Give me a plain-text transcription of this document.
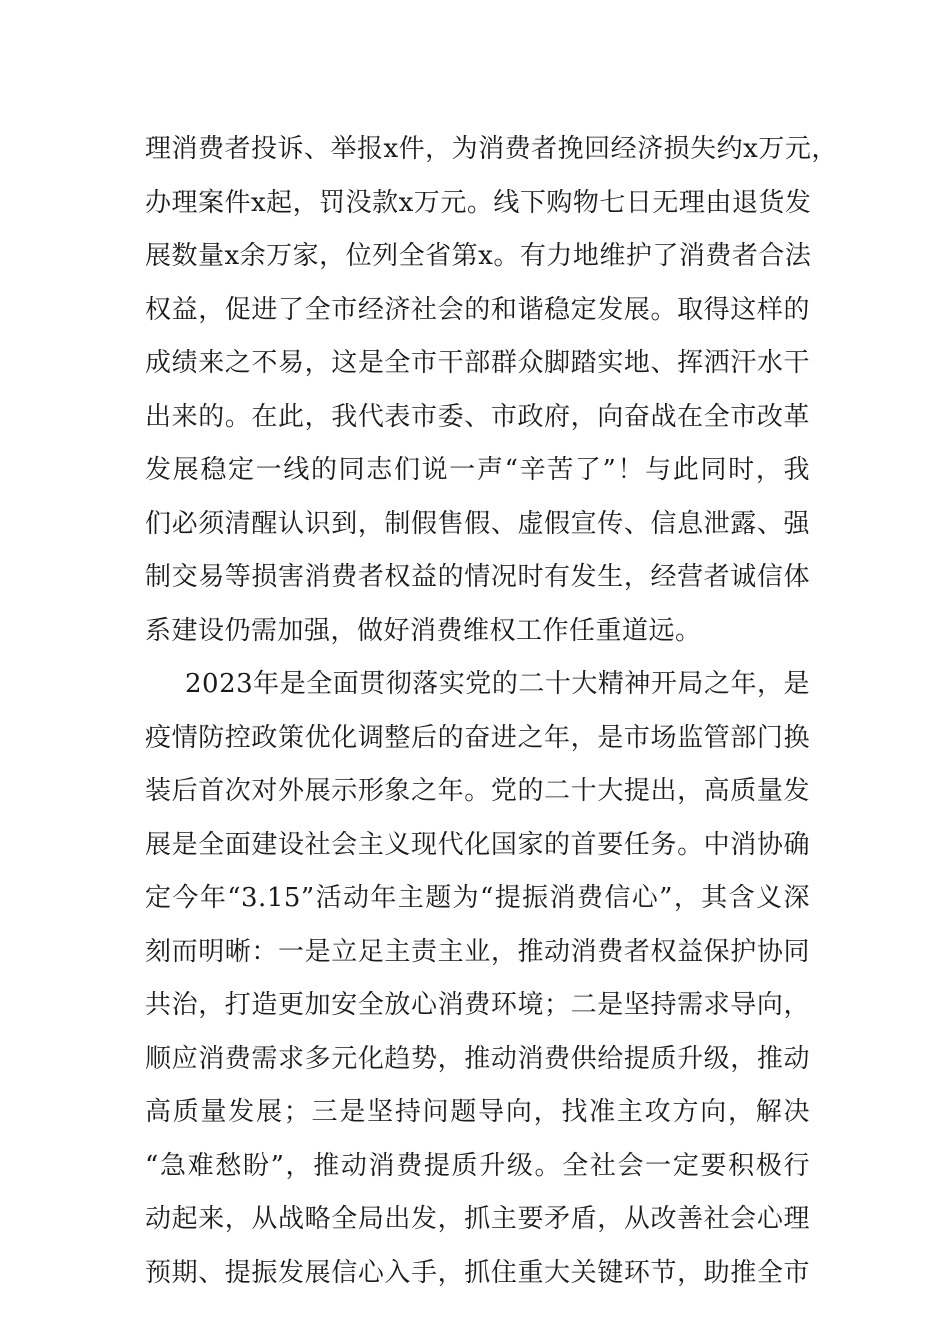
理消费者投诉、举报x件，为消费者挽回经济损失约x万元，
办理案件x起，罚没款x万元。线下购物七日无理由退货发
展数量x余万家，位列全省第x。有力地维护了消费者合法
权益，促进了全市经济社会的和谐稳定发展。取得这样的
成绩来之不易，这是全市干部群众脚踏实地、挥洒汗水干
出来的。在此，我代表市委、市政府，向奋战在全市改革
发展稳定一线的同志们说一声“辛苦了”！与此同时，我
们必须清醒认识到，制假售假、虚假宣传、信息泄露、强
制交易等损害消费者权益的情况时有发生，经营者诚信体
系建设仍需加强，做好消费维权工作任重道远。
2023年是全面贯彻落实党的二十大精神开局之年，是
疫情防控政策优化调整后的奋进之年，是市场监管部门换
装后首次对外展示形象之年。党的二十大提出，高质量发
展是全面建设社会主义现代化国家的首要任务。中消协确
定今年“3.15”活动年主题为“提振消费信心”，其含义深
刻而明晰：一是立足主责主业，推动消费者权益保护协同
共治，打造更加安全放心消费环境；二是坚持需求导向，
顺应消费需求多元化趋势，推动消费供给提质升级，推动
高质量发展；三是坚持问题导向，找准主攻方向，解决
“急难愁盼”，推动消费提质升级。全社会一定要积极行
动起来，从战略全局出发，抓主要矛盾，从改善社会心理
预期、提振发展信心入手，抓住重大关键环节，助推全市
